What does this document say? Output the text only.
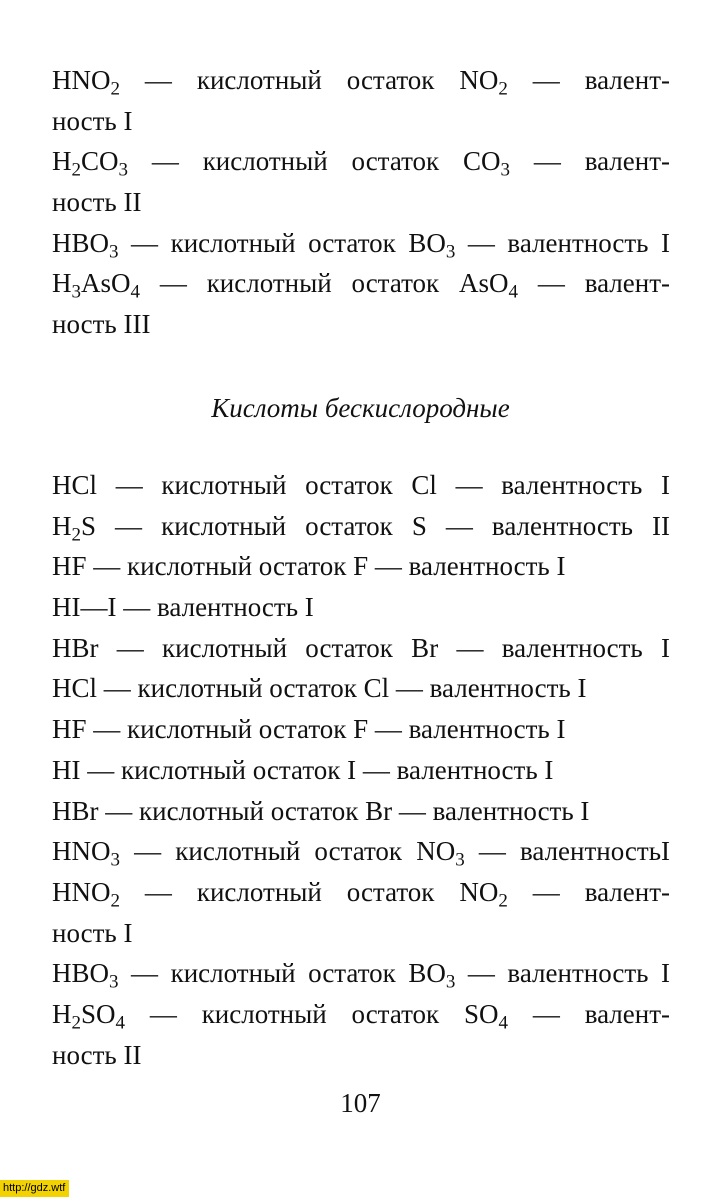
$HNO_2$ — кислотный остаток $NO_2$ — валент-
ность I
$H_2CO_3$ — кислотный остаток $CO_3$ — валент-
ность II
$HBO_3$ — кислотный остаток $BO_3$ — валентность I
$H_3AsO_4$ — кислотный остаток AsO$_4$ — валент-
ность III
Кислоты бескислородные
HCl — кислотный остаток Cl — валентность I
$H_2S$ — кислотный остаток S — валентность II
HF — кислотный остаток F — валентность I
HI—I — валентность I
HBr — кислотный остаток Br — валентность I
HCl — кислотный остаток Cl — валентность I
HF — кислотный остаток F — валентность I
HI — кислотный остаток I — валентность I
HBr — кислотный остаток Br — валентность I
$HNO_3$ — кислотный остаток $NO_3$ — валентностьI
$HNO_2$ — кислотный остаток $NO_2$ — валент-
ность I
$HBO_3$ — кислотный остаток $BO_3$ — валентность I
$H_2SO_4$ — кислотный остаток $SO_4$ — валент-
ность II
107
http://gdz.wtf
